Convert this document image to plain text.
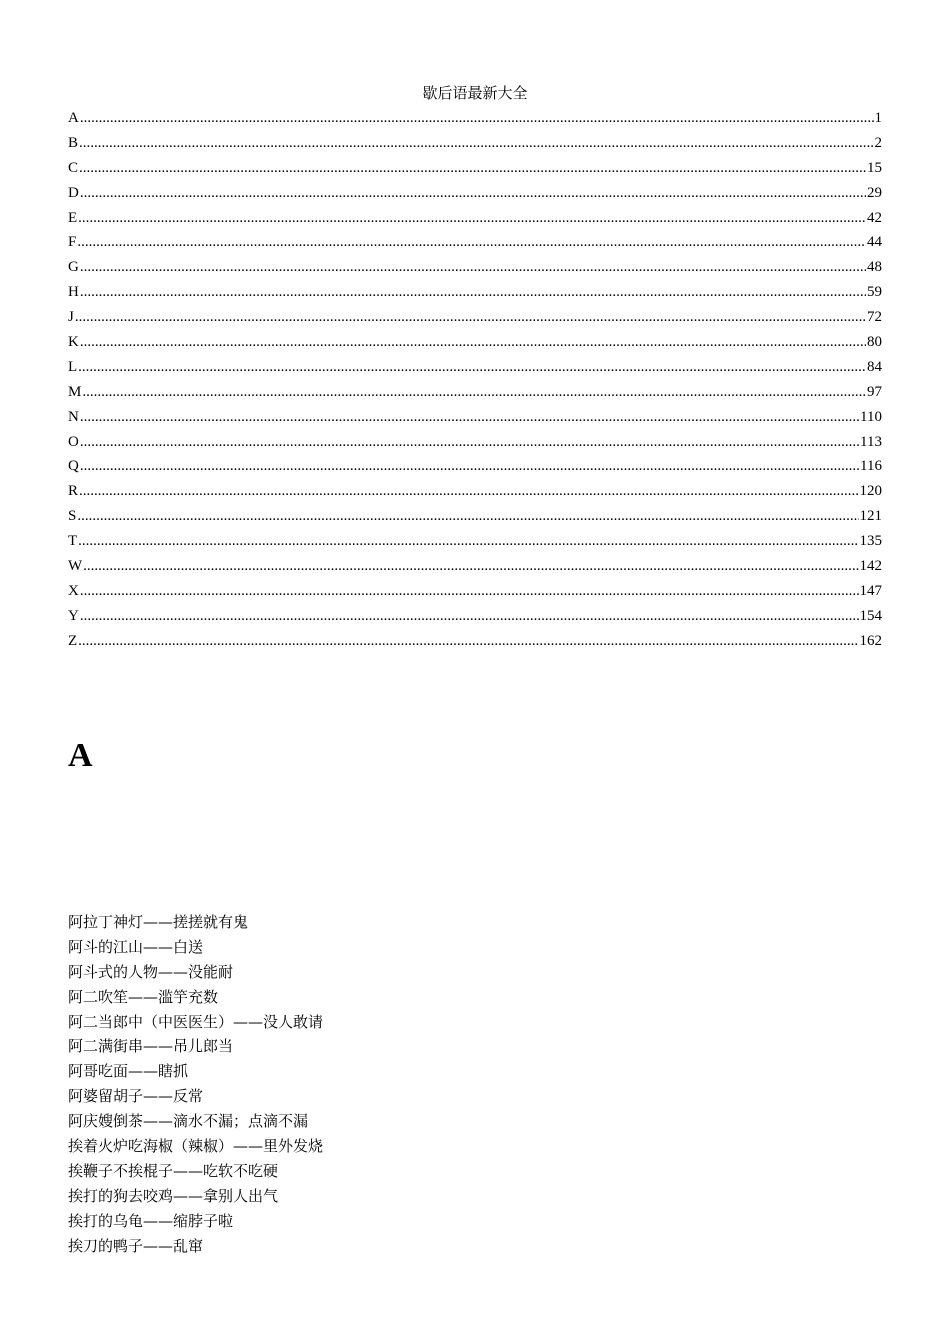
歇后语最新大全
A .....	1
B .....	2
C .....	15
D .....	29
E .....	42
F .....	44
G .....	48
H .....	59
J .....	72
K .....	80
L .....	84
M .....	97
N .....	110
O .....	113
Q .....	116
R .....	120
S .....	121
T .....	135
W .....	142
X .....	147
Y .....	154
Z .....	162
A
阿拉丁神灯——搓搓就有鬼
阿斗的江山——白送
阿斗式的人物——没能耐
阿二吹笙——滥竽充数
阿二当郎中（中医医生）——没人敢请
阿二满街串——吊儿郎当
阿哥吃面——瞎抓
阿婆留胡子——反常
阿庆嫂倒茶——滴水不漏；点滴不漏
挨着火炉吃海椒（辣椒）——里外发烧
挨鞭子不挨棍子——吃软不吃硬
挨打的狗去咬鸡——拿别人出气
挨打的乌龟——缩脖子啦
挨刀的鸭子——乱窜
